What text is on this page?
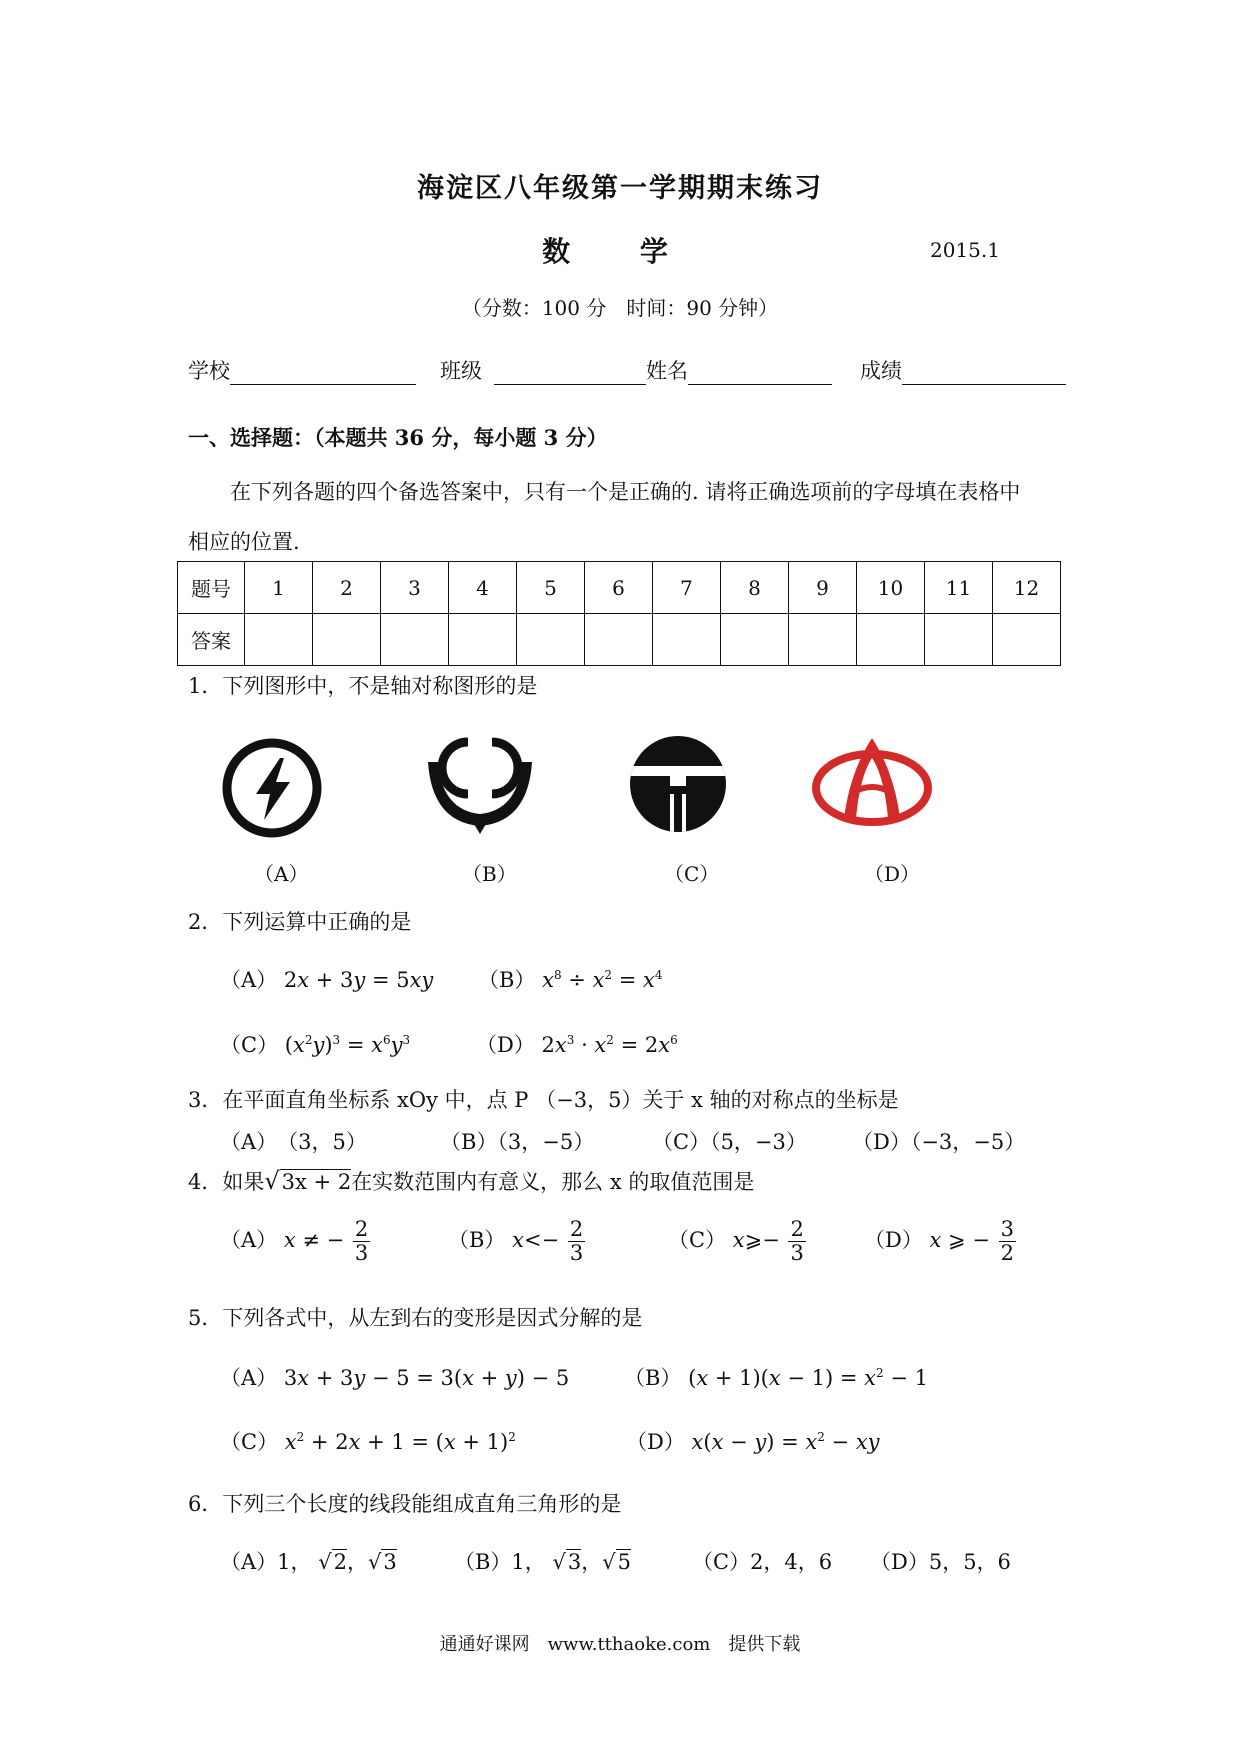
海淀区八年级第一学期期末练习
数 学	2015.1
（分数：100 分　时间：90 分钟）
学校	班级	姓名	成绩
一、选择题：（本题共 36 分，每小题 3 分）
在下列各题的四个备选答案中，只有一个是正确的. 请将正确选项前的字母填在表格中
相应的位置.
题号	1	2	3	4	5	6	7	8	9	10	11	12
答案												
1．下列图形中，不是轴对称图形的是
（A）	（B）	（C）	（D）
2．下列运算中正确的是
（A） 2x + 3y = 5xy （B） $x^8 \div x^2 = x^4$
（C） $(x^2y)^3 = x^6y^3$	（D） $2x^3 \cdot x^2 = 2x^6$
3．在平面直角坐标系 xOy 中，点 P （−3，5）关于 x 轴的对称点的坐标是
（A）　（3，5）	（B）（3，−5）	（C）（5，−3） （D）（−3，−5）
4．如果√3x + 2在实数范围内有意义，那么 x 的取值范围是
（A） x ≠ − $\frac{2}{3}$	（B） $x<- \frac{2}{3}$	（C） x⩾− $\frac{2}{3}$	（D） x ⩾ − $\frac{3}{2}$
5．下列各式中，从左到右的变形是因式分解的是
（A） 3x + 3y − 5 = 3(x + y) − 5	（B） $(x + 1)(x - 1) = x^2 - 1$
（C） $x^2 + 2x + 1 = (x + 1)^2$	（D） $x(x - y) = x^2$ − xy
6．下列三个长度的线段能组成直角三角形的是
（A）1， √2，√3	（B）1， √3，√5	（C）2，4，6 （D）5，5，6
通通好课网　www.tthaoke.com　提供下载
